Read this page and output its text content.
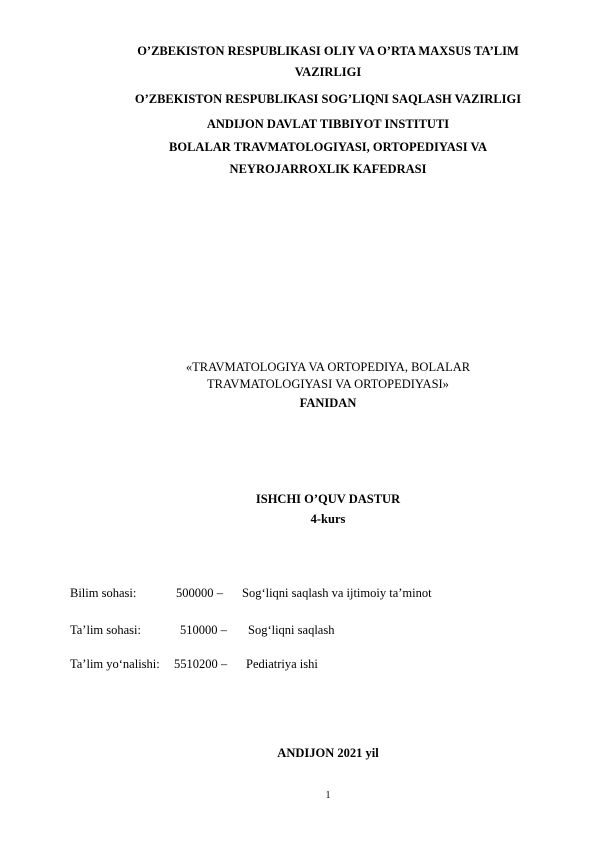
O’ZBEKISTON RESPUBLIKASI OLIY VA O’RTA MAXSUS TA’LIM
VAZIRLIGI
O’ZBEKISTON RESPUBLIKASI SOG’LIQNI SAQLASH VAZIRLIGI
ANDIJON DAVLAT TIBBIYOT INSTITUTI
BOLALAR TRAVMATOLOGIYASI, ORTOPEDIYASI VA
NEYROJARROXLIK KAFEDRASI
«TRAVMATOLOGIYA VA ORTOPEDIYA, BOLALAR
TRAVMATOLOGIYASI VA ORTOPEDIYASI»
FANIDAN
ISHCHI O’QUV DASTUR
4-kurs
Bilim sohasi:	500000 – Sog‘liqni saqlash va ijtimoiy ta’minot
Ta’lim sohasi:	510000 – Sog‘liqni saqlash
Ta’lim yo‘nalishi: 5510200 – Pediatriya ishi
ANDIJON 2021 yil
1
